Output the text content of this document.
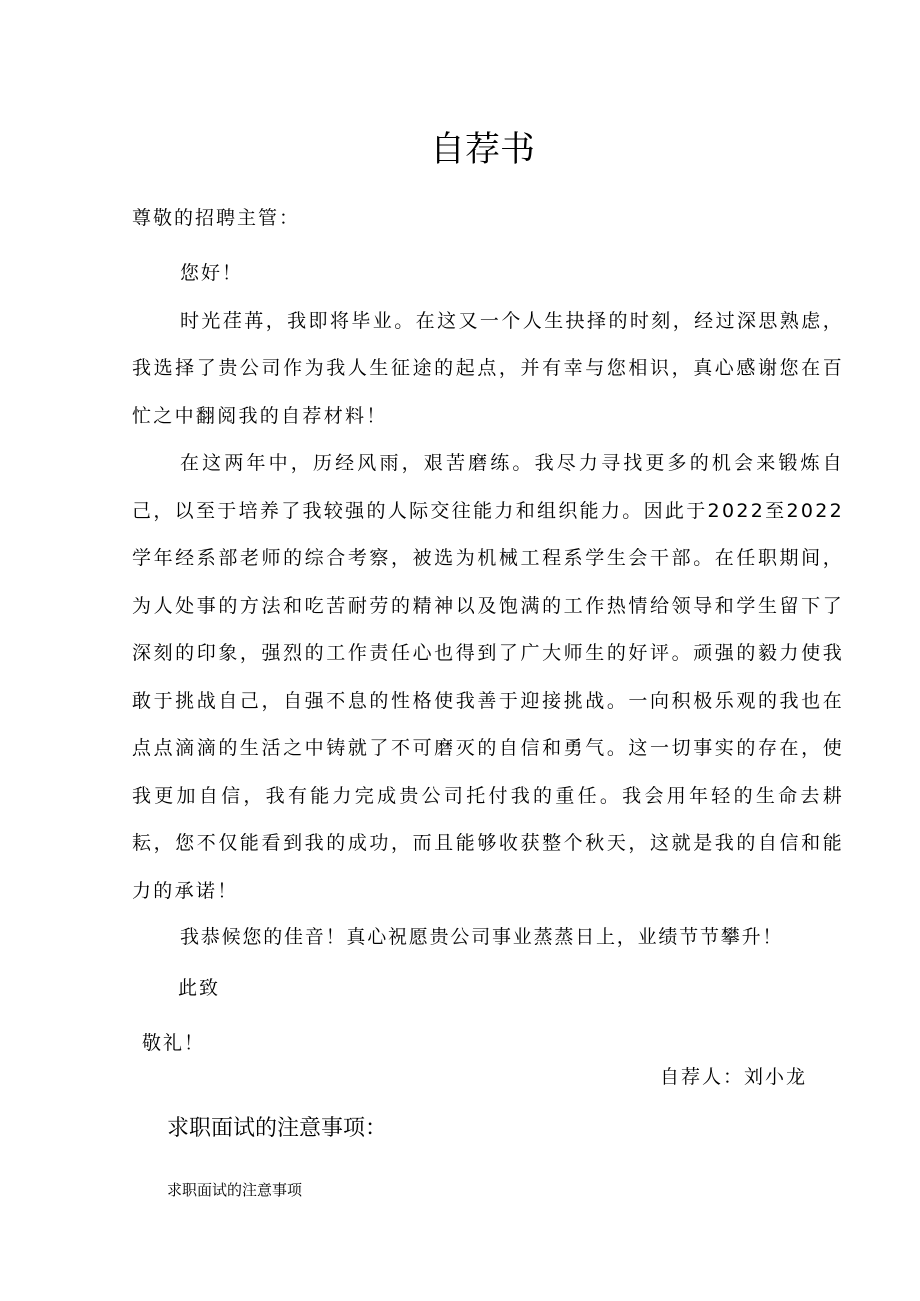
自荐书

尊敬的招聘主管：

您好！

时光荏苒，我即将毕业。在这又一个人生抉择的时刻，经过深思熟虑，我选择了贵公司作为我人生征途的起点，并有幸与您相识，真心感谢您在百忙之中翻阅我的自荐材料！

在这两年中，历经风雨，艰苦磨练。我尽力寻找更多的机会来锻炼自己，以至于培养了我较强的人际交往能力和组织能力。因此于2022至2022学年经系部老师的综合考察，被选为机械工程系学生会干部。在任职期间，为人处事的方法和吃苦耐劳的精神以及饱满的工作热情给领导和学生留下了深刻的印象，强烈的工作责任心也得到了广大师生的好评。顽强的毅力使我敢于挑战自己，自强不息的性格使我善于迎接挑战。一向积极乐观的我也在点点滴滴的生活之中铸就了不可磨灭的自信和勇气。这一切事实的存在，使我更加自信，我有能力完成贵公司托付我的重任。我会用年轻的生命去耕耘，您不仅能看到我的成功，而且能够收获整个秋天，这就是我的自信和能力的承诺！

我恭候您的佳音！真心祝愿贵公司事业蒸蒸日上，业绩节节攀升！

此致

敬礼！

自荐人：刘小龙

求职面试的注意事项：

求职面试的注意事项
